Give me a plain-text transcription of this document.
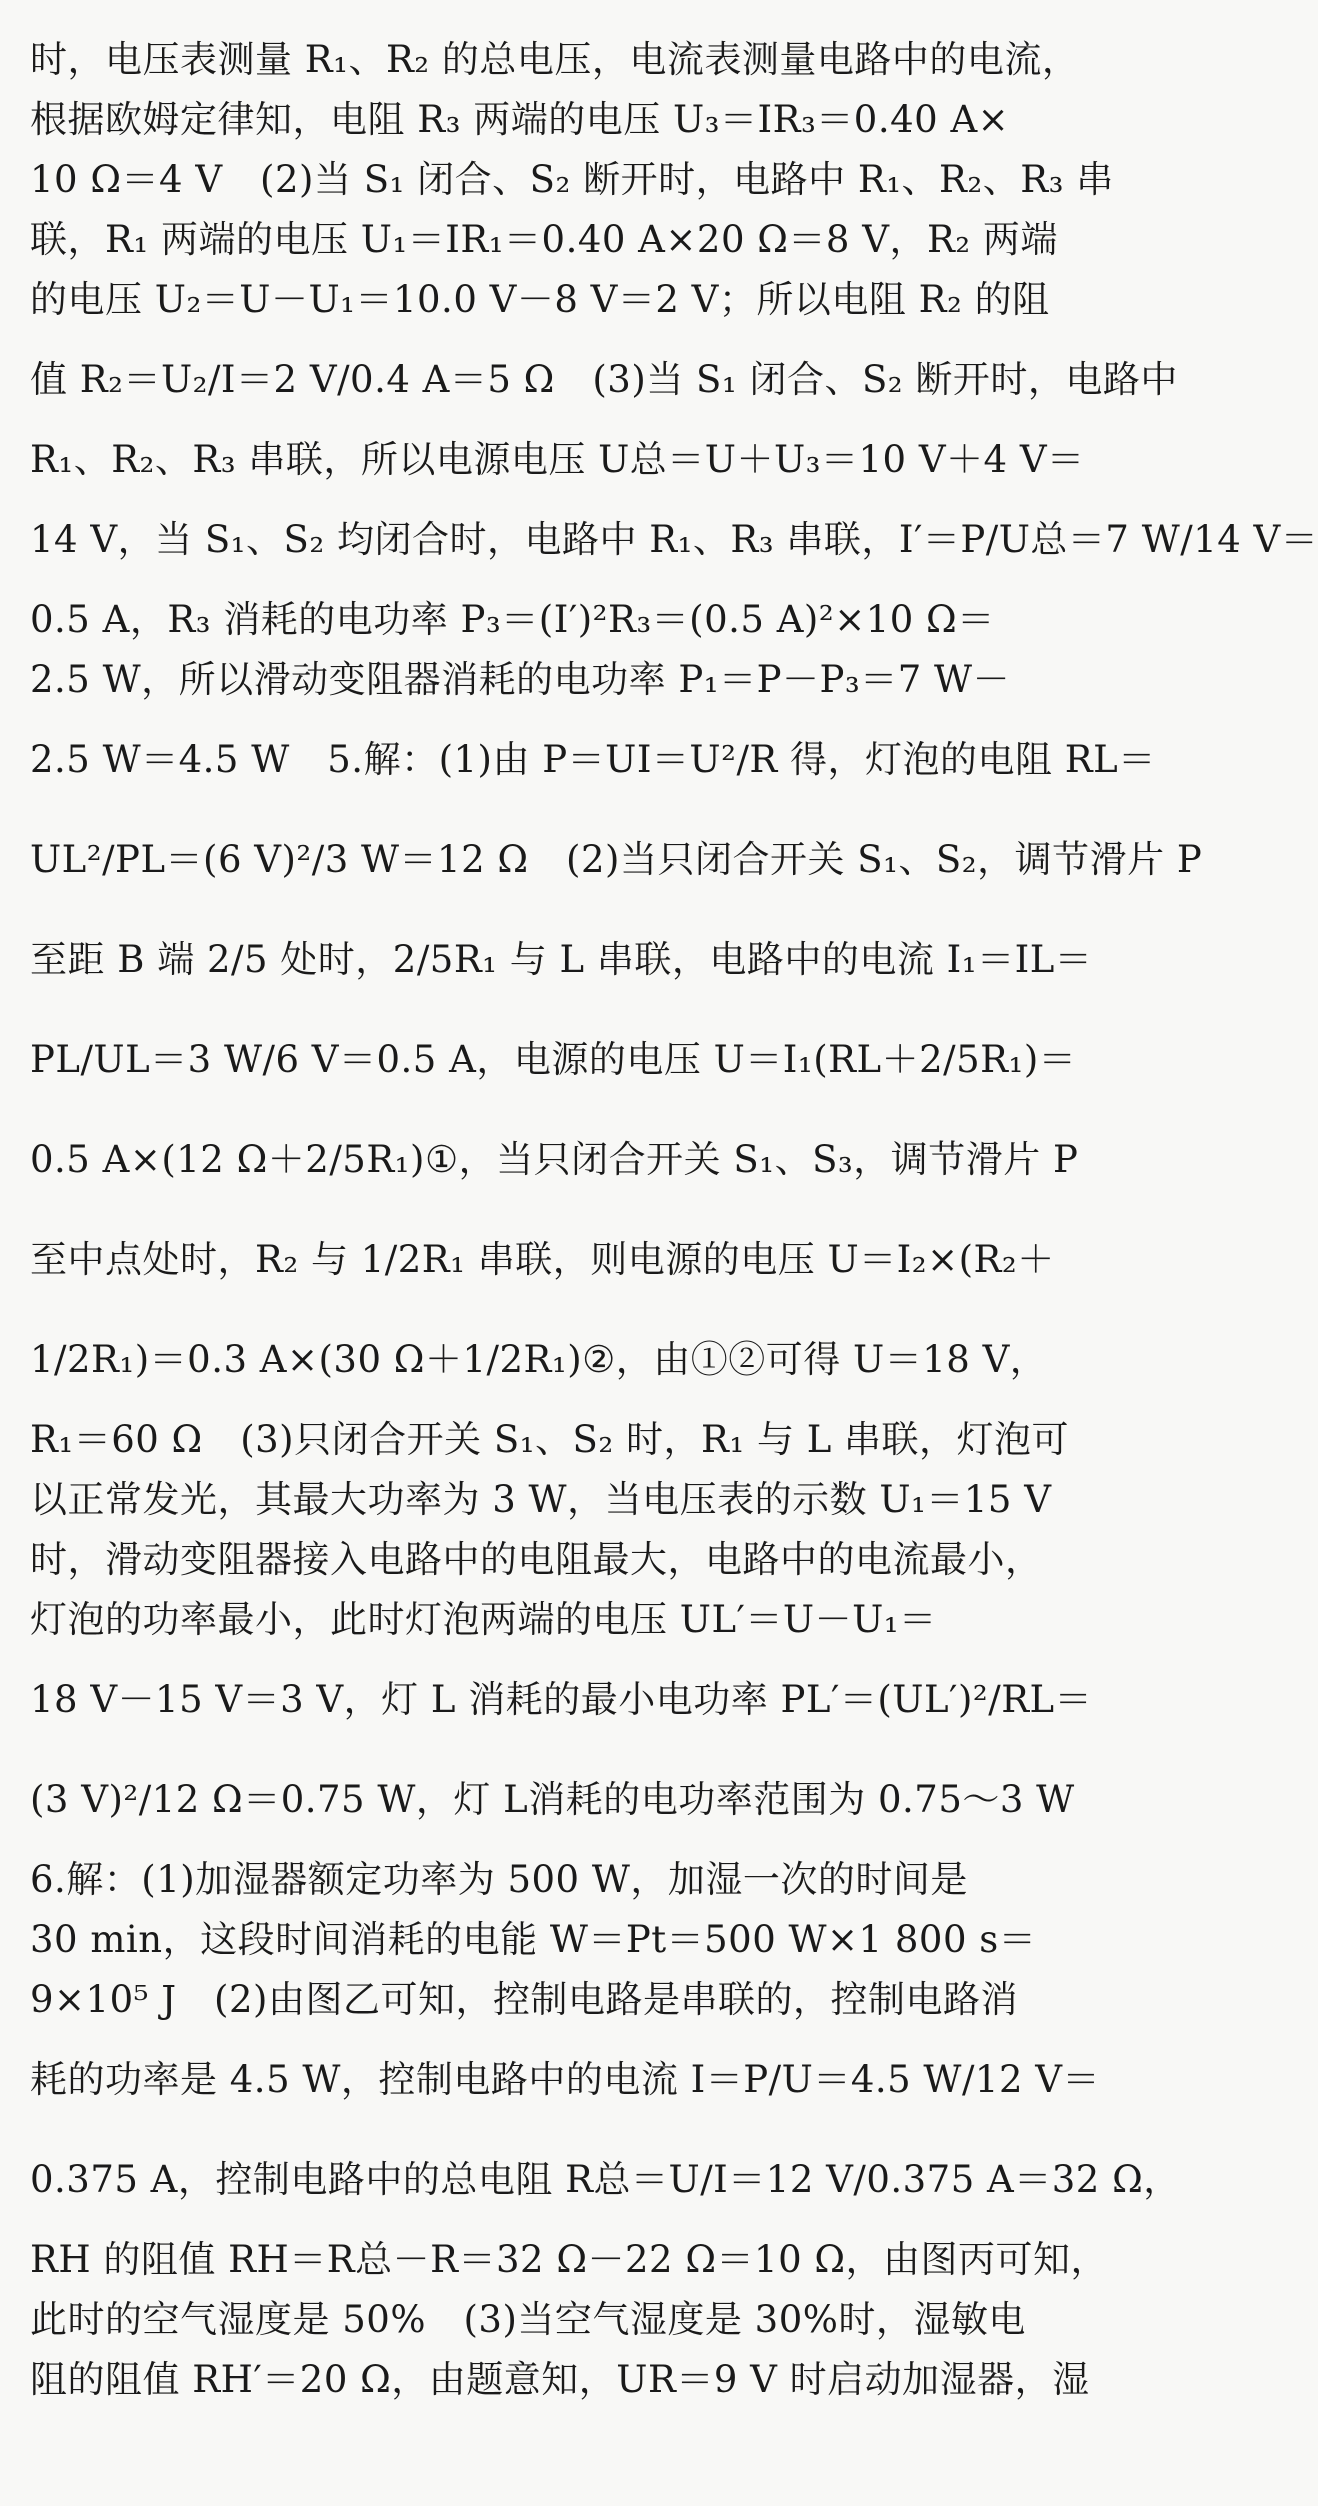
时，电压表测量 R₁、R₂ 的总电压，电流表测量电路中的电流，
根据欧姆定律知，电阻 R₃ 两端的电压 U₃＝IR₃＝0.40 A×
10 Ω＝4 V　(2)当 S₁ 闭合、S₂ 断开时，电路中 R₁、R₂、R₃ 串
联，R₁ 两端的电压 U₁＝IR₁＝0.40 A×20 Ω＝8 V，R₂ 两端
的电压 U₂＝U－U₁＝10.0 V－8 V＝2 V；所以电阻 R₂ 的阻
值 R₂＝U₂/I＝2 V/0.4 A＝5 Ω　(3)当 S₁ 闭合、S₂ 断开时，电路中
R₁、R₂、R₃ 串联，所以电源电压 U总＝U＋U₃＝10 V＋4 V＝
14 V，当 S₁、S₂ 均闭合时，电路中 R₁、R₃ 串联，I′＝P/U总＝7 W/14 V＝
0.5 A，R₃ 消耗的电功率 P₃＝(I′)²R₃＝(0.5 A)²×10 Ω＝
2.5 W，所以滑动变阻器消耗的电功率 P₁＝P－P₃＝7 W－
2.5 W＝4.5 W　5.解：(1)由 P＝UI＝U²/R 得，灯泡的电阻 RL＝
UL²/PL＝(6 V)²/3 W＝12 Ω　(2)当只闭合开关 S₁、S₂，调节滑片 P
至距 B 端 2/5 处时，2/5R₁ 与 L 串联，电路中的电流 I₁＝IL＝
PL/UL＝3 W/6 V＝0.5 A，电源的电压 U＝I₁(RL＋2/5R₁)＝
0.5 A×(12 Ω＋2/5R₁)①，当只闭合开关 S₁、S₃，调节滑片 P
至中点处时，R₂ 与 1/2R₁ 串联，则电源的电压 U＝I₂×(R₂＋
1/2R₁)＝0.3 A×(30 Ω＋1/2R₁)②，由①②可得 U＝18 V，
R₁＝60 Ω　(3)只闭合开关 S₁、S₂ 时，R₁ 与 L 串联，灯泡可
以正常发光，其最大功率为 3 W，当电压表的示数 U₁＝15 V
时，滑动变阻器接入电路中的电阻最大，电路中的电流最小，
灯泡的功率最小，此时灯泡两端的电压 UL′＝U－U₁＝
18 V－15 V＝3 V，灯 L 消耗的最小电功率 PL′＝(UL′)²/RL＝
(3 V)²/12 Ω＝0.75 W，灯 L消耗的电功率范围为 0.75～3 W
6.解：(1)加湿器额定功率为 500 W，加湿一次的时间是
30 min，这段时间消耗的电能 W＝Pt＝500 W×1 800 s＝
9×10⁵ J　(2)由图乙可知，控制电路是串联的，控制电路消
耗的功率是 4.5 W，控制电路中的电流 I＝P/U＝4.5 W/12 V＝
0.375 A，控制电路中的总电阻 R总＝U/I＝12 V/0.375 A＝32 Ω，
RH 的阻值 RH＝R总－R＝32 Ω－22 Ω＝10 Ω，由图丙可知，
此时的空气湿度是 50%　(3)当空气湿度是 30%时，湿敏电
阻的阻值 RH′＝20 Ω，由题意知，UR＝9 V 时启动加湿器，湿
